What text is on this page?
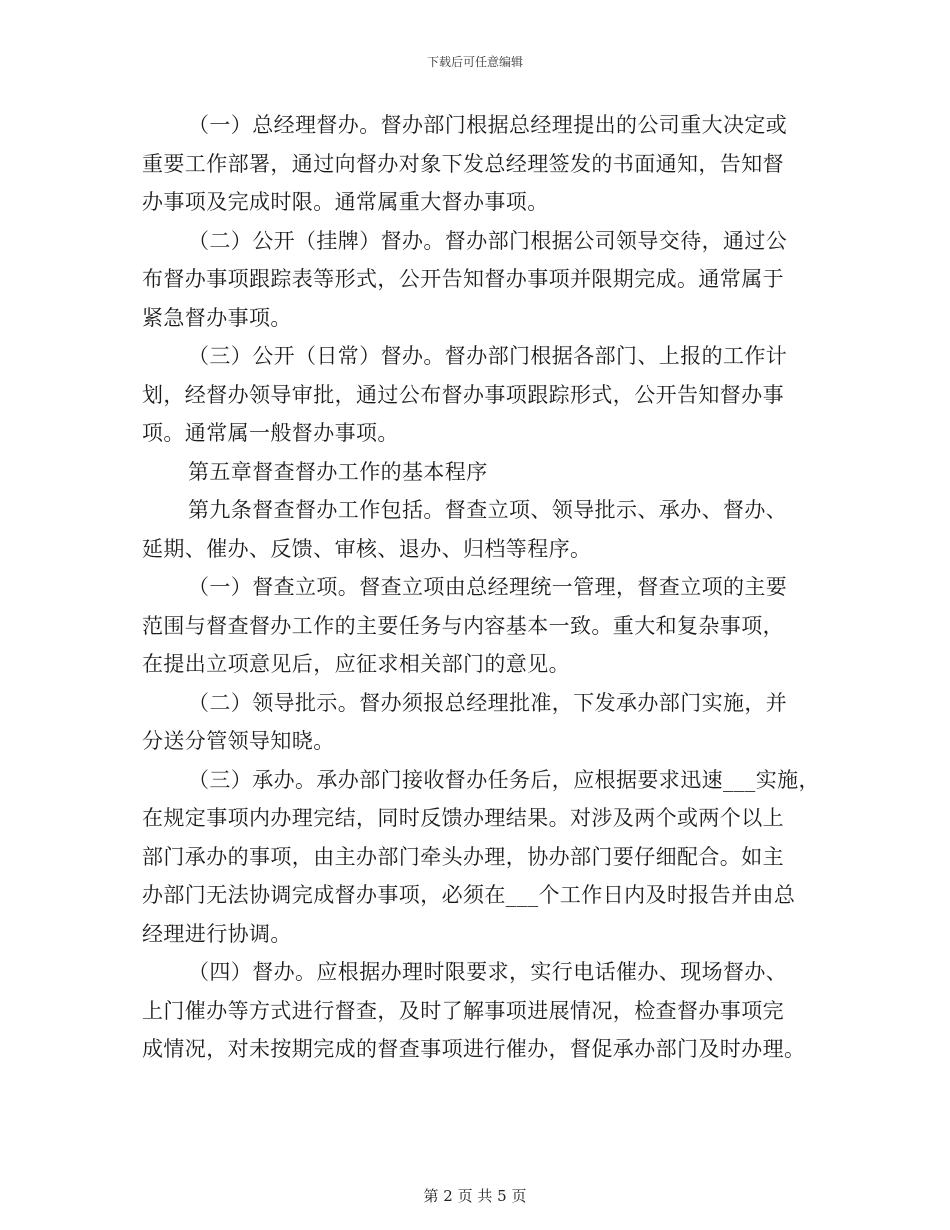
下载后可任意编辑

（一）总经理督办。督办部门根据总经理提出的公司重大决定或
重要工作部署，通过向督办对象下发总经理签发的书面通知，告知督
办事项及完成时限。通常属重大督办事项。

（二）公开（挂牌）督办。督办部门根据公司领导交待，通过公
布督办事项跟踪表等形式，公开告知督办事项并限期完成。通常属于
紧急督办事项。

（三）公开（日常）督办。督办部门根据各部门、上报的工作计
划，经督办领导审批，通过公布督办事项跟踪形式，公开告知督办事
项。通常属一般督办事项。

第五章督查督办工作的基本程序

第九条督查督办工作包括。督查立项、领导批示、承办、督办、
延期、催办、反馈、审核、退办、归档等程序。

（一）督查立项。督查立项由总经理统一管理，督查立项的主要
范围与督查督办工作的主要任务与内容基本一致。重大和复杂事项，
在提出立项意见后，应征求相关部门的意见。

（二）领导批示。督办须报总经理批准，下发承办部门实施，并
分送分管领导知晓。

（三）承办。承办部门接收督办任务后，应根据要求迅速___实施，
在规定事项内办理完结，同时反馈办理结果。对涉及两个或两个以上
部门承办的事项，由主办部门牵头办理，协办部门要仔细配合。如主
办部门无法协调完成督办事项，必须在___个工作日内及时报告并由总
经理进行协调。

（四）督办。应根据办理时限要求，实行电话催办、现场督办、
上门催办等方式进行督查，及时了解事项进展情况，检查督办事项完
成情况，对未按期完成的督查事项进行催办，督促承办部门及时办理。

第 2 页 共 5 页
